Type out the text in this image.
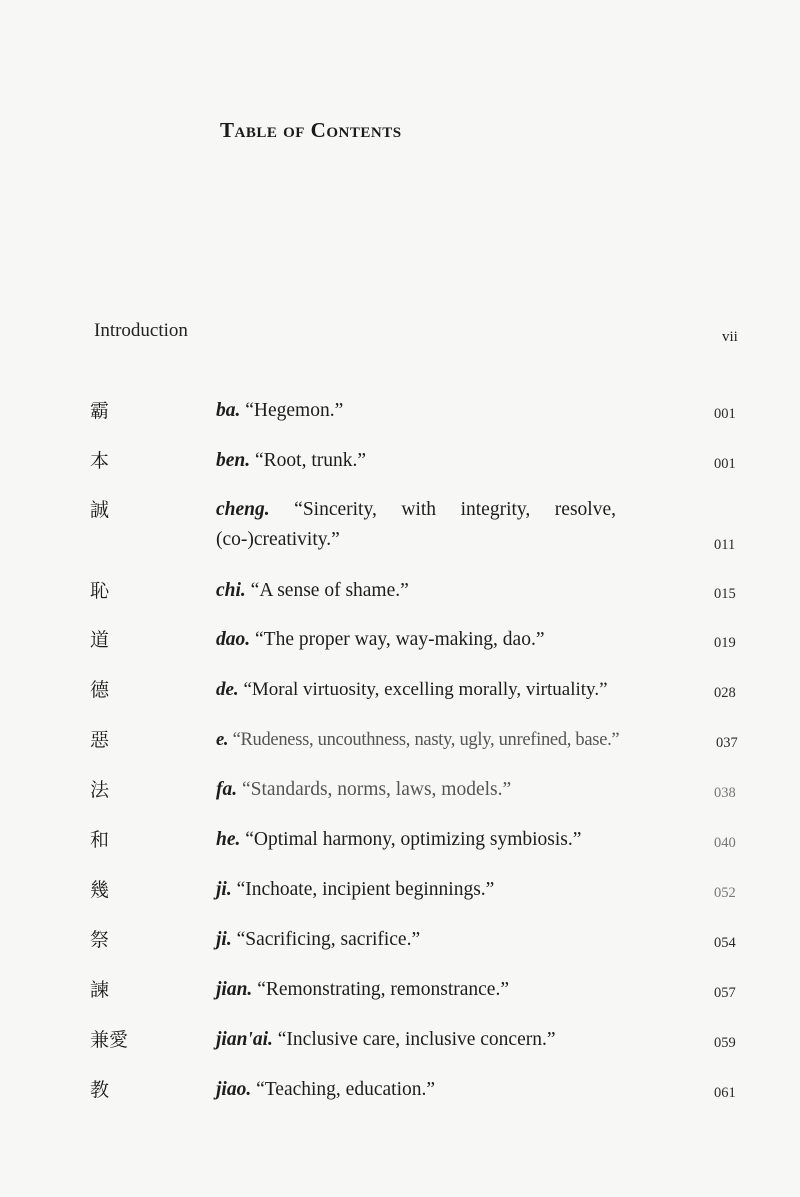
Table of Contents
Introduction	vii
霸	ba. “Hegemon.”	001
本	ben. “Root, trunk.”	001
誠	cheng. “Sincerity, with integrity, resolve, (co-)creativity.”	011
恥	chi. “A sense of shame.”	015
道	dao. “The proper way, way-making, dao.”	019
德	de. “Moral virtuosity, excelling morally, virtuality.”	028
惡	e. “Rudeness, uncouthness, nasty, ugly, unrefined, base.”	037
法	fa. “Standards, norms, laws, models.”	038
和	he. “Optimal harmony, optimizing symbiosis.”	040
幾	ji. “Inchoate, incipient beginnings.”	052
祭	ji. “Sacrificing, sacrifice.”	054
諫	jian. “Remonstrating, remonstrance.”	057
兼愛	jian'ai. “Inclusive care, inclusive concern.”	059
教	jiao. “Teaching, education.”	061
